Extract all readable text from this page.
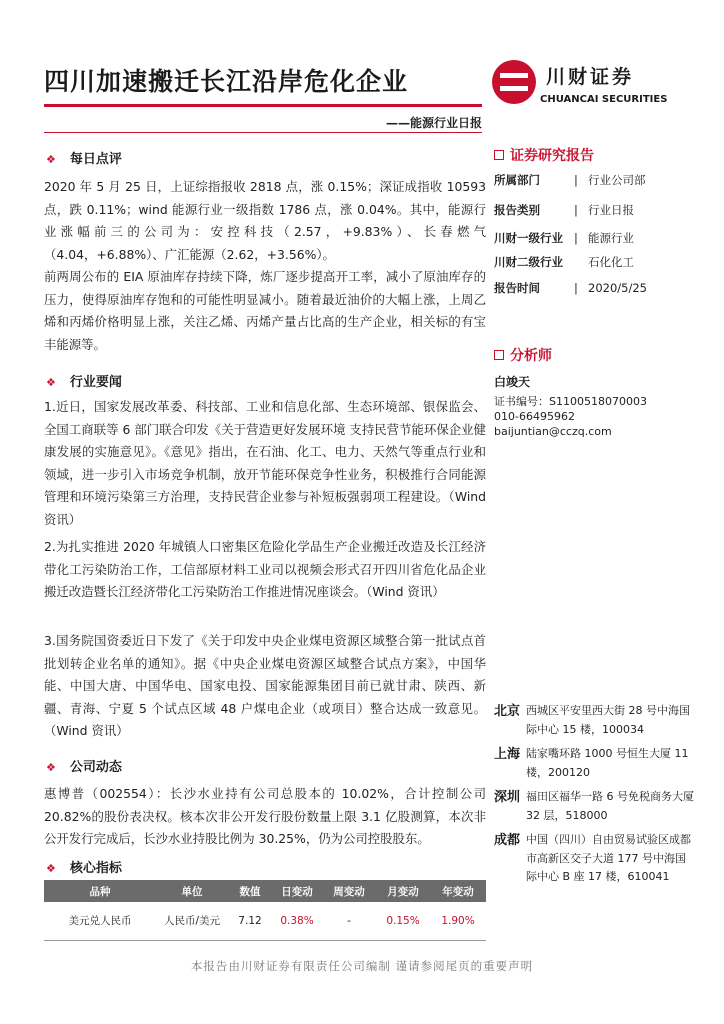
四川加速搬迁长江沿岸危化企业	川财证券
CHUANCAI SECURITIES
——能源行业日报
❖ 每日点评
2020 年 5 月 25 日，上证综指报收 2818 点，涨 0.15%；深证成指收 10593 点，跌 0.11%；wind 能源行业一级指数 1786 点，涨 0.04%。其中，能源行业涨幅前三的公司为：安控科技（2.57，+9.83%）、长春燃气（4.04，+6.88%）、广汇能源（2.62，+3.56%）。
前两周公布的 EIA 原油库存持续下降，炼厂逐步提高开工率，减小了原油库存的压力，使得原油库存饱和的可能性明显减小。随着最近油价的大幅上涨，上周乙烯和丙烯价格明显上涨，关注乙烯、丙烯产量占比高的生产企业，相关标的有宝丰能源等。
❖ 行业要闻
1.近日，国家发展改革委、科技部、工业和信息化部、生态环境部、银保监会、全国工商联等 6 部门联合印发《关于营造更好发展环境 支持民营节能环保企业健康发展的实施意见》。《意见》指出，在石油、化工、电力、天然气等重点行业和领域，进一步引入市场竞争机制，放开节能环保竞争性业务，积极推行合同能源管理和环境污染第三方治理，支持民营企业参与补短板强弱项工程建设。（Wind 资讯）
2.为扎实推进 2020 年城镇人口密集区危险化学品生产企业搬迁改造及长江经济带化工污染防治工作，工信部原材料工业司以视频会形式召开四川省危化品企业搬迁改造暨长江经济带化工污染防治工作推进情况座谈会。（Wind 资讯）
3.国务院国资委近日下发了《关于印发中央企业煤电资源区域整合第一批试点首批划转企业名单的通知》。据《中央企业煤电资源区域整合试点方案》，中国华能、中国大唐、中国华电、国家电投、国家能源集团目前已就甘肃、陕西、新疆、青海、宁夏 5 个试点区域 48 户煤电企业（或项目）整合达成一致意见。（Wind 资讯）
❖ 公司动态
惠博普（002554）：长沙水业持有公司总股本的 10.02%，合计控制公司 20.82%的股份表决权。核本次非公开发行股份数量上限 3.1 亿股测算，本次非公开发行完成后，长沙水业持股比例为 30.25%，仍为公司控股股东。
❖ 核心指标
品种	单位	数值	日变动	周变动	月变动	年变动
美元兑人民币	人民币/美元	7.12	0.38%	-	0.15%	1.90%
证券研究报告
所属部门	| 行业公司部
报告类别	| 行业日报
川财一级行业 | 能源行业
川财二级行业 石化化工
报告时间	| 2020/5/25
分析师
白竣天
证书编号：S1100518070003
010-66495962
baijuntian@cczq.com
北京 西城区平安里西大街 28 号中海国际中心 15 楼，100034
上海 陆家嘴环路 1000 号恒生大厦 11 楼，200120
深圳 福田区福华一路 6 号免税商务大厦 32 层，518000
成都 中国（四川）自由贸易试验区成都市高新区交子大道 177 号中海国际中心 B 座 17 楼，610041
本报告由川财证券有限责任公司编制 谨请参阅尾页的重要声明
